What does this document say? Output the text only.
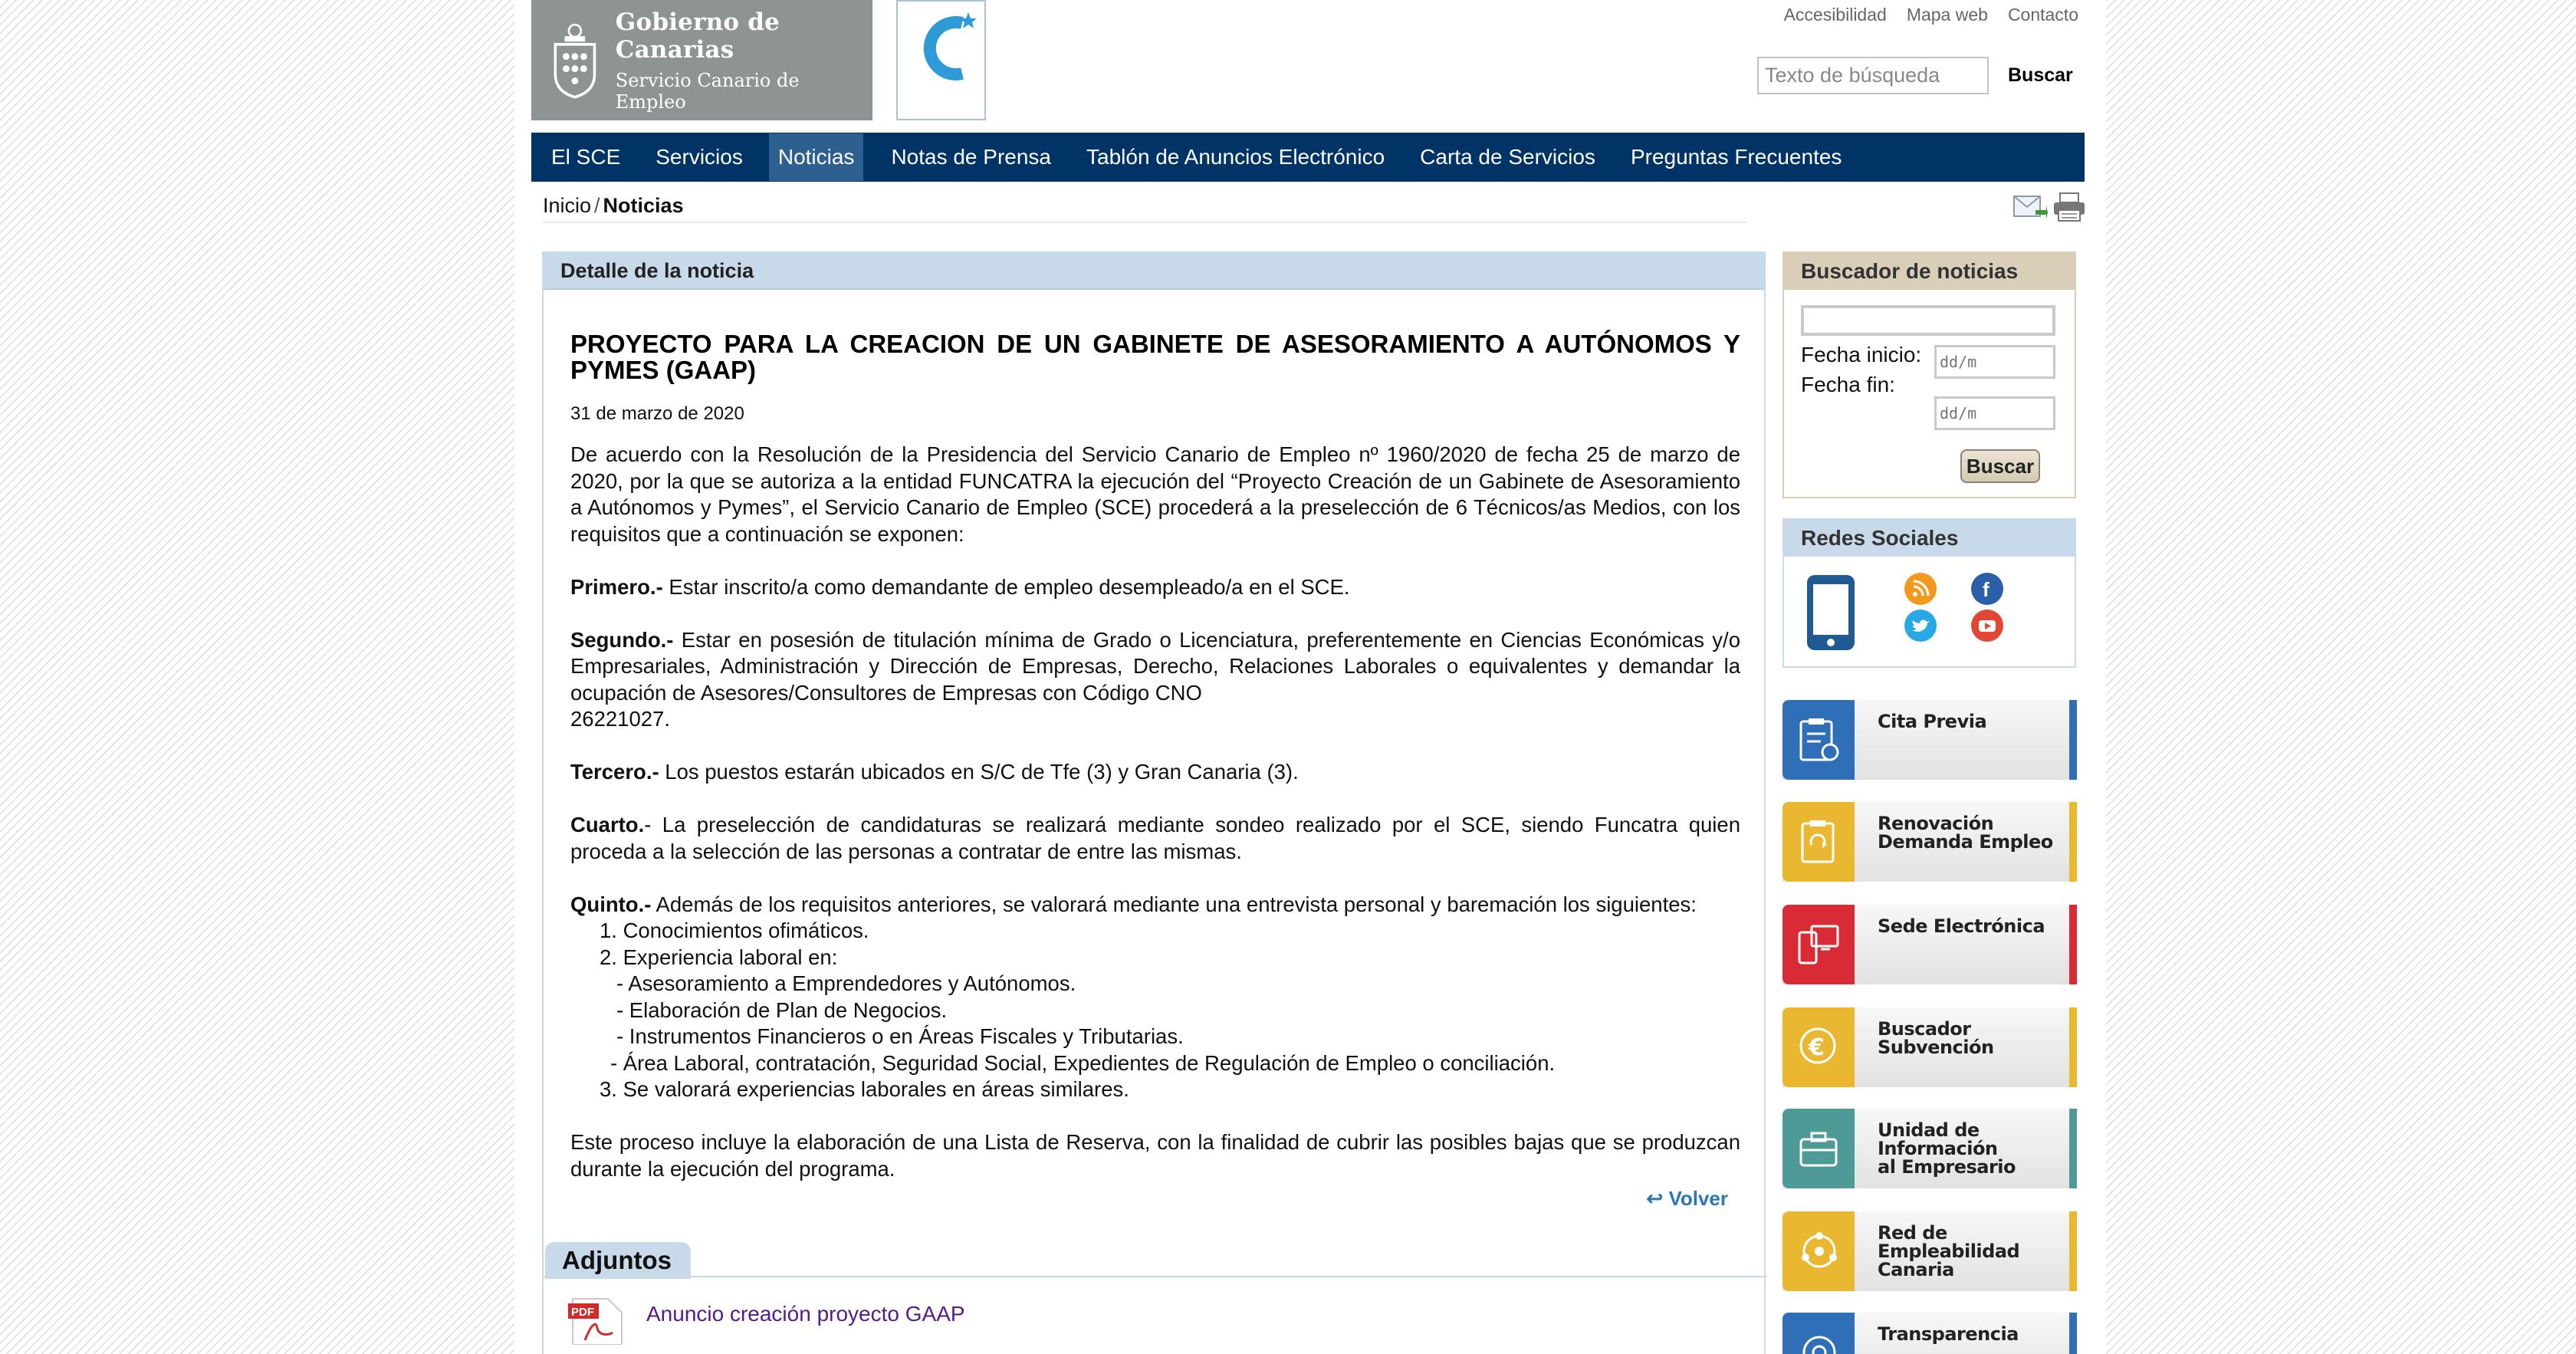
Gobierno de Canarias
Servicio Canario de Empleo
Accesibilidad Mapa web Contacto
Texto de búsqueda
Buscar
El SCE	Servicios	Noticias	Notas de Prensa	Tablón de Anuncios Electrónico	Carta de Servicios	Preguntas Frecuentes
Inicio / Noticias
Detalle de la noticia
PROYECTO PARA LA CREACION DE UN GABINETE DE ASESORAMIENTO A AUTÓNOMOS Y PYMES (GAAP)
31 de marzo de 2020

De acuerdo con la Resolución de la Presidencia del Servicio Canario de Empleo nº 1960/2020 de fecha 25 de marzo de 2020, por la que se autoriza a la entidad FUNCATRA la ejecución del “Proyecto Creación de un Gabinete de Asesoramiento a Autónomos y Pymes”, el Servicio Canario de Empleo (SCE) procederá a la preselección de 6 Técnicos/as Medios, con los requisitos que a continuación se exponen:

Primero.- Estar inscrito/a como demandante de empleo desempleado/a en el SCE.

Segundo.- Estar en posesión de titulación mínima de Grado o Licenciatura, preferentemente en Ciencias Económicas y/o Empresariales, Administración y Dirección de Empresas, Derecho, Relaciones Laborales o equivalentes y demandar la ocupación de Asesores/Consultores de Empresas con Código CNO

26221027.

Tercero.- Los puestos estarán ubicados en S/C de Tfe (3) y Gran Canaria (3).

Cuarto.- La preselección de candidaturas se realizará mediante sondeo realizado por el SCE, siendo Funcatra quien proceda a la selección de las personas a contratar de entre las mismas.

Quinto.- Además de los requisitos anteriores, se valorará mediante una entrevista personal y baremación los siguientes:

1. Conocimientos ofimáticos.

2. Experiencia laboral en:

- Asesoramiento a Emprendedores y Autónomos.

- Elaboración de Plan de Negocios.

- Instrumentos Financieros o en Áreas Fiscales y Tributarias.

- Área Laboral, contratación, Seguridad Social, Expedientes de Regulación de Empleo o conciliación.

3. Se valorará experiencias laborales en áreas similares.

Este proceso incluye la elaboración de una Lista de Reserva, con la finalidad de cubrir las posibles bajas que se produzcan durante la ejecución del programa.

↩ Volver
Adjuntos
PDF Anuncio creación proyecto GAAP
Buscador de noticias
Fecha inicio:
Fecha fin:
dd/m
dd/m
Buscar
Redes Sociales
f
Cita Previa
Renovación
Demanda Empleo
Sede Electrónica
€
Buscador
Subvención
Unidad de
Información
al Empresario
Red de
Empleabilidad
Canaria
Transparencia
